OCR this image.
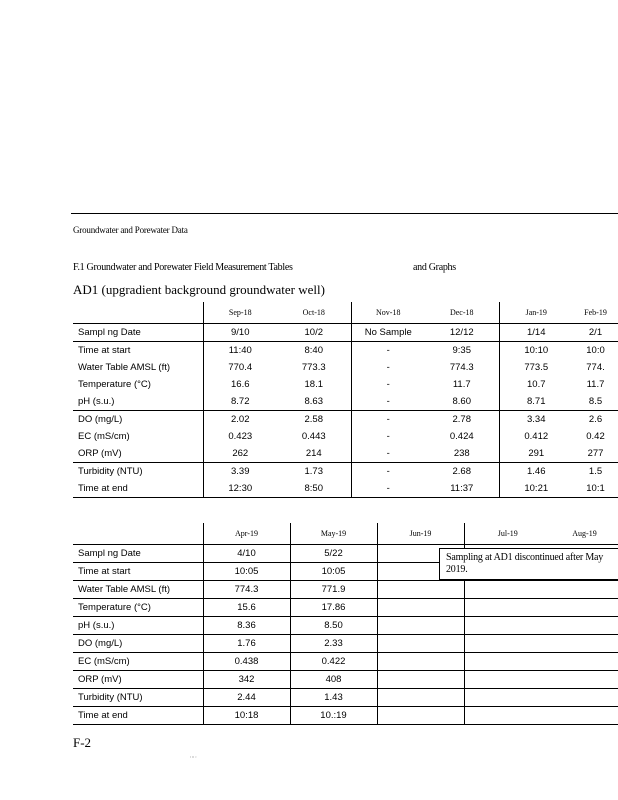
Groundwater and Porewater Data
F.1 Groundwater and Porewater Field Measurement Tables	and Graphs
AD1 (upgradient background groundwater well)
	Sep-18	Oct-18	Nov-18	Dec-18	Jan-19	Feb-19
Sampl ng Date	9/10	10/2	No Sample	12/12	1/14	2/1
Time at start	11:40	8:40	-	9:35	10:10	10:0
Water Table AMSL (ft)	770.4	773.3	-	774.3	773.5	774.
Temperature (°C)	16.6	18.1	-	11.7	10.7	11.7
pH (s.u.)	8.72	8.63	-	8.60	8.71	8.5
DO (mg/L)	2.02	2.58	-	2.78	3.34	2.6
EC (mS/cm)	0.423	0.443	-	0.424	0.412	0.42
ORP (mV)	262	214	-	238	291	277
Turbidity (NTU)	3.39	1.73	-	2.68	1.46	1.5
Time at end	12:30	8:50	-	11:37	10:21	10:1
	Apr-19	May-19	Jun-19	Jul-19	Aug-19
Sampl ng Date	4/10	5/22			
Time at start	10:05	10:05			
Water Table AMSL (ft)	774.3	771.9			
Temperature (°C)	15.6	17.86			
pH (s.u.)	8.36	8.50			
DO (mg/L)	1.76	2.33			
EC (mS/cm)	0.438	0.422			
ORP (mV)	342	408			
Turbidity (NTU)	2.44	1.43			
Time at end	10:18	10.:19			
Sampling at AD1 discontinued after May 2019.
F-2
' " '
